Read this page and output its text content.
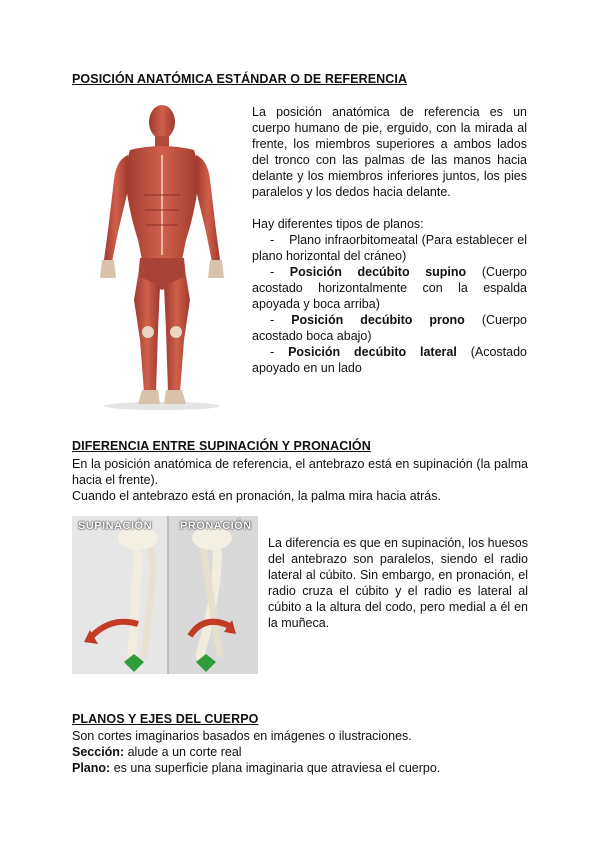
POSICIÓN ANATÓMICA ESTÁNDAR O DE REFERENCIA
La posición anatómica de referencia es un cuerpo humano de pie, erguido, con la mirada al frente, los miembros superiores a ambos lados del tronco con las palmas de las manos hacia delante y los miembros inferiores juntos, los pies paralelos y los dedos hacia delante.
Hay diferentes tipos de planos:
- Plano infraorbitomeatal (Para establecer el
plano horizontal del cráneo)
- Posición decúbito supino (Cuerpo
acostado horizontalmente con la espalda apoyada y boca arriba)
- Posición decúbito prono (Cuerpo
acostado boca abajo)
- Posición decúbito lateral (Acostado
apoyado en un lado
DIFERENCIA ENTRE SUPINACIÓN Y PRONACIÓN
En la posición anatómica de referencia, el antebrazo está en supinación (la palma hacia el frente).
Cuando el antebrazo está en pronación, la palma mira hacia atrás.
SUPINACIÓN	PRONACIÓN
La diferencia es que en supinación, los huesos del antebrazo son paralelos, siendo el radio lateral al cúbito. Sin embargo, en pronación, el radio cruza el cúbito y el radio es lateral al cúbito a la altura del codo, pero medial a él en la muñeca.
PLANOS Y EJES DEL CUERPO
Son cortes imaginarios basados en imágenes o ilustraciones.
Sección: alude a un corte real
Plano: es una superficie plana imaginaria que atraviesa el cuerpo.
